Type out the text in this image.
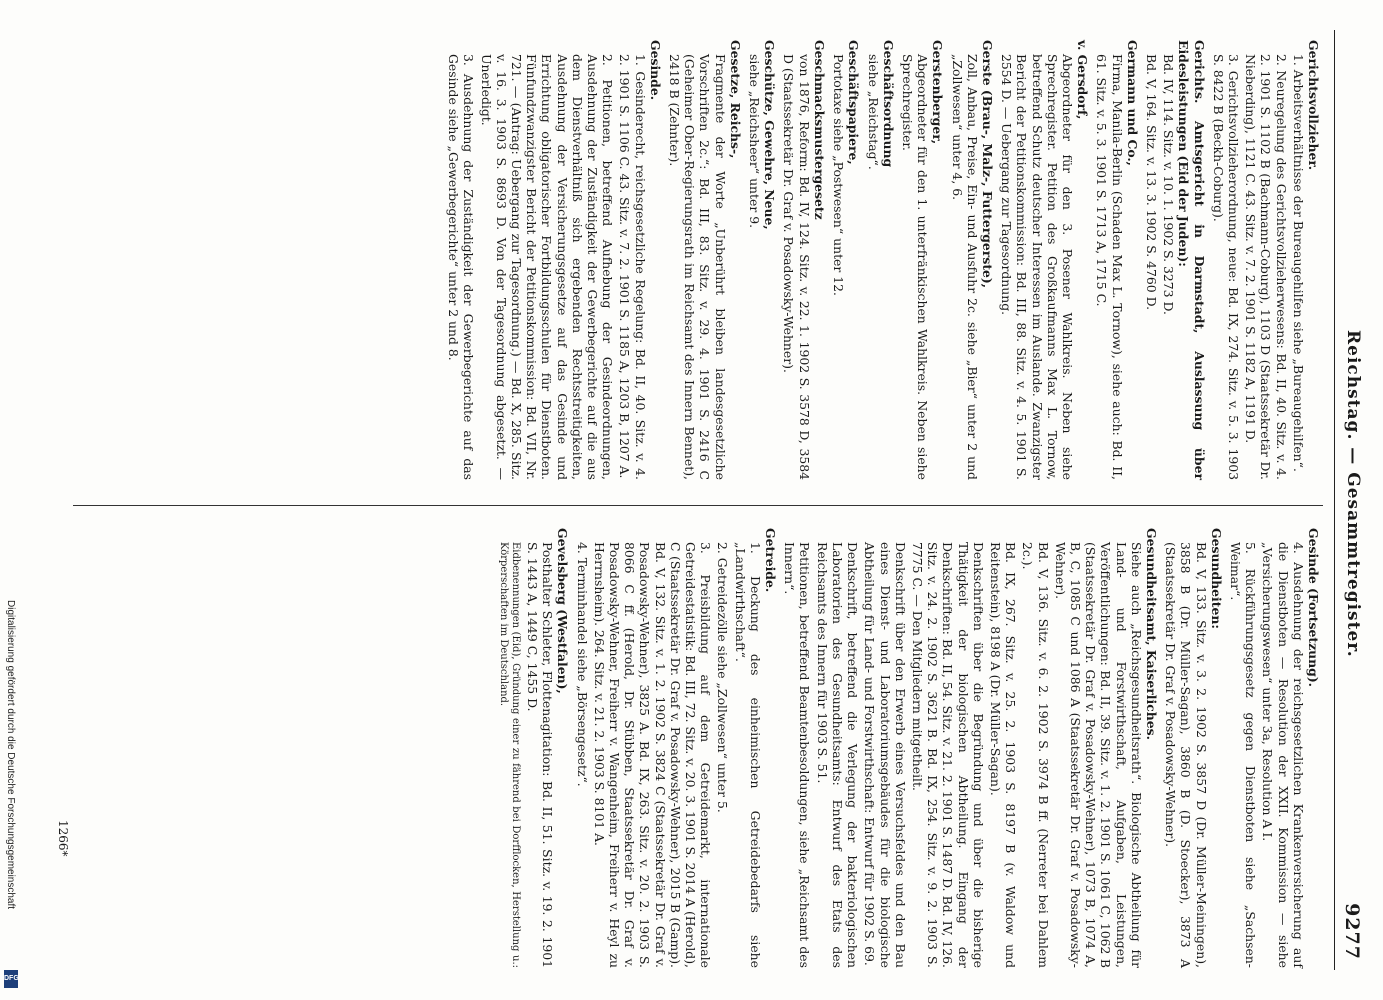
Reichstag. — Gesammtregister.
9277
Gerichtsvollzieher.
1. Arbeitsverhältnisse der Bureaugehilfen siehe „Bureaugehilfen“.
2. Neuregelung des Gerichtsvollzieherwesens: Bd. II, 40. Sitz. v. 4. 2. 1901 S. 1102 B (Bachmann-Coburg), 1103 D (Staatssekretär Dr. Nieberding), 1121 C. 43. Sitz. v. 7. 2. 1901 S. 1182 A, 1191 D.
3. Gerichtsvollzieherordnung, neue: Bd. IX, 274. Sitz. v. 5. 3. 1903 S. 8422 B (Beckh-Coburg).
Gerichts. Amtsgericht in Darmstadt, Auslassung über Eidesleistungen (Eid der Juden):
Bd. IV, 114. Sitz. v. 10. 1. 1902 S. 3273 D.
Bd. V, 164. Sitz. v. 13. 3. 1902 S. 4760 D.
Germann und Co.,
Firma, Manila-Berlin (Schaden Max L. Tornow), siehe auch: Bd. II, 61. Sitz. v. 5. 3. 1901 S. 1713 A, 1715 C.
v. Gersdorf,
Abgeordneter für den 3. Posener Wahlkreis. Neben siehe Sprechregister. Petition des Großkaufmanns Max L. Tornow, betreffend Schutz deutscher Interessen im Auslande. Zwanzigster Bericht der Petitionskommission: Bd. III, 88. Sitz. v. 4. 5. 1901 S. 2554 D. — Uebergang zur Tagesordnung.
Gerste (Brau-, Malz-, Futtergerste),
Zoll, Anbau, Preise, Ein- und Ausfuhr 2c. siehe „Bier“ unter 2 und „Zollwesen“ unter 4, 6.
Gerstenberger,
Abgeordneter für den 1. unterfränkischen Wahlkreis. Neben siehe Sprechregister.
Geschäftsordnung
siehe „Reichstag“.
Geschäftspapiere,
Portotaxe siehe „Postwesen“ unter 12.
Geschmacksmustergesetz
von 1876, Reform: Bd. IV, 124. Sitz. v. 22. 1. 1902 S. 3578 D, 3584 D (Staatssekretär Dr. Graf v. Posadowsky-Wehner).
Geschütze, Gewehre, Neue,
siehe „Reichsheer“ unter 9.
Gesetze, Reichs-,
Fragmente der Worte „Unberührt bleiben landesgesetzliche Vorschriften 2c.“: Bd. III, 83. Sitz. v. 29. 4. 1901 S. 2416 C (Geheimer Ober-Regierungsrath im Reichsamt des Innern Bennet), 2418 B (Zehnter).
Gesinde.
1. Gesinderecht, reichsgesetzliche Regelung: Bd. II, 40. Sitz. v. 4. 2. 1901 S. 1106 C. 43. Sitz. v. 7. 2. 1901 S. 1185 A, 1203 B, 1207 A.
2. Petitionen, betreffend Aufhebung der Gesindeordnungen, Ausdehnung der Zuständigkeit der Gewerbegerichte auf die aus dem Dienstverhältniß sich ergebenden Rechtsstreitigkeiten, Ausdehnung der Versicherungsgesetze auf das Gesinde und Errichtung obligatorischer Fortbildungsschulen für Dienstboten. Fünfundzwanzigster Bericht der Petitionskommission: Bd. VII, Nr. 721. — (Antrag: Uebergang zur Tagesordnung.) — Bd. X, 285. Sitz. v. 16. 3. 1903 S. 8693 D. Von der Tagesordnung abgesetzt. — Unerledigt.
3. Ausdehnung der Zuständigkeit der Gewerbegerichte auf das Gesinde siehe „Gewerbegerichte“ unter 2 und 8.
Gesinde (Fortsetzung).
4. Ausdehnung der reichsgesetzlichen Krankenversicherung auf die Dienstboten — Resolution der XXII. Kommission — siehe „Versicherungswesen“ unter 3a, Resolution A I.
5. Rückführungsgesetz gegen Dienstboten siehe „Sachsen-Weimar“.
Gesundheiten:
Bd. V, 133. Sitz. v. 3. 2. 1902 S. 3857 D (Dr. Müller-Meiningen), 3858 B (Dr. Müller-Sagan), 3860 B (D. Stoecker), 3873 A (Staatssekretär Dr. Graf v. Posadowsky-Wehner).
Gesundheitsamt, Kaiserliches.
Siehe auch „Reichsgesundheitsrath“. Biologische Abtheilung für Land- und Forstwirthschaft, Aufgaben, Leistungen, Veröffentlichungen: Bd. II, 39. Sitz. v. 1. 2. 1901 S. 1061 C, 1062 B (Staatssekretär Dr. Graf v. Posadowsky-Wehner), 1073 B, 1074 A, B, C, 1085 C und 1086 A (Staatssekretär Dr. Graf v. Posadowsky-Wehner).
Bd. V, 136. Sitz. v. 6. 2. 1902 S. 3974 B ff. (Nerreter bei Dahlem 2c.).
Bd. IX, 267. Sitz. v. 25. 2. 1903 S. 8197 B (v. Waldow und Reitenstein), 8198 A (Dr. Müller-Sagan).
Denkschriften über die Begründung und über die bisherige Thätigkeit der biologischen Abtheilung. Eingang der Denkschriften: Bd. II, 54. Sitz. v. 21. 2. 1901 S. 1487 D. Bd. IV, 126. Sitz. v. 24. 2. 1902 S. 3621 B. Bd. IX, 254. Sitz. v. 9. 2. 1903 S. 7775 C. — Den Mitgliedern mitgetheilt.
Denkschrift über den Erwerb eines Versuchsfeldes und den Bau eines Dienst- und Laboratoriumsgebäudes für die biologische Abtheilung für Land- und Forstwirthschaft: Entwurf für 1902 S. 69.
Denkschrift, betreffend die Verlegung der bakteriologischen Laboratorien des Gesundheitsamts: Entwurf des Etats des Reichsamts des Innern für 1903 S. 51.
Petitionen, betreffend Beamtenbesoldungen, siehe „Reichsamt des Innern“.
Getreide.
1. Deckung des einheimischen Getreidebedarfs siehe „Landwirthschaft“.
2. Getreidezölle siehe „Zollwesen“ unter 5.
3. Preisbildung auf dem Getreidemarkt, internationale Getreidestatistik: Bd. III, 72. Sitz. v. 20. 3. 1901 S. 2014 A (Herold), C (Staatssekretär Dr. Graf v. Posadowsky-Wehner), 2015 B (Gamp). Bd. V, 132. Sitz. v. 1. 2. 1902 S. 3824 C (Staatssekretär Dr. Graf v. Posadowsky-Wehner), 3825 A. Bd. IX, 263. Sitz. v. 20. 2. 1903 S. 8066 C ff. (Herold, Dr. Stübben, Staatssekretär Dr. Graf v. Posadowsky-Wehner, Freiherr v. Wangenheim, Freiherr v. Heyl zu Herrnsheim). 264. Sitz. v. 21. 2. 1903 S. 8101 A.
4. Terminhandel siehe „Börsengesetz“.
Gevelsberg (Westfalen),
Posthalter Schleter, Flottenagitation: Bd. II, 51. Sitz. v. 19. 2. 1901 S. 1443 A, 1449 C, 1455 D.
Eidbenennungen (Eid), Gründung einer zu fährend bei Dorfflocken, Herstellung u.: Körperschaften im Deutschland.
1266*
Digitalisierung gefördert durch die Deutsche Forschungsgemeinschaft
DFG
